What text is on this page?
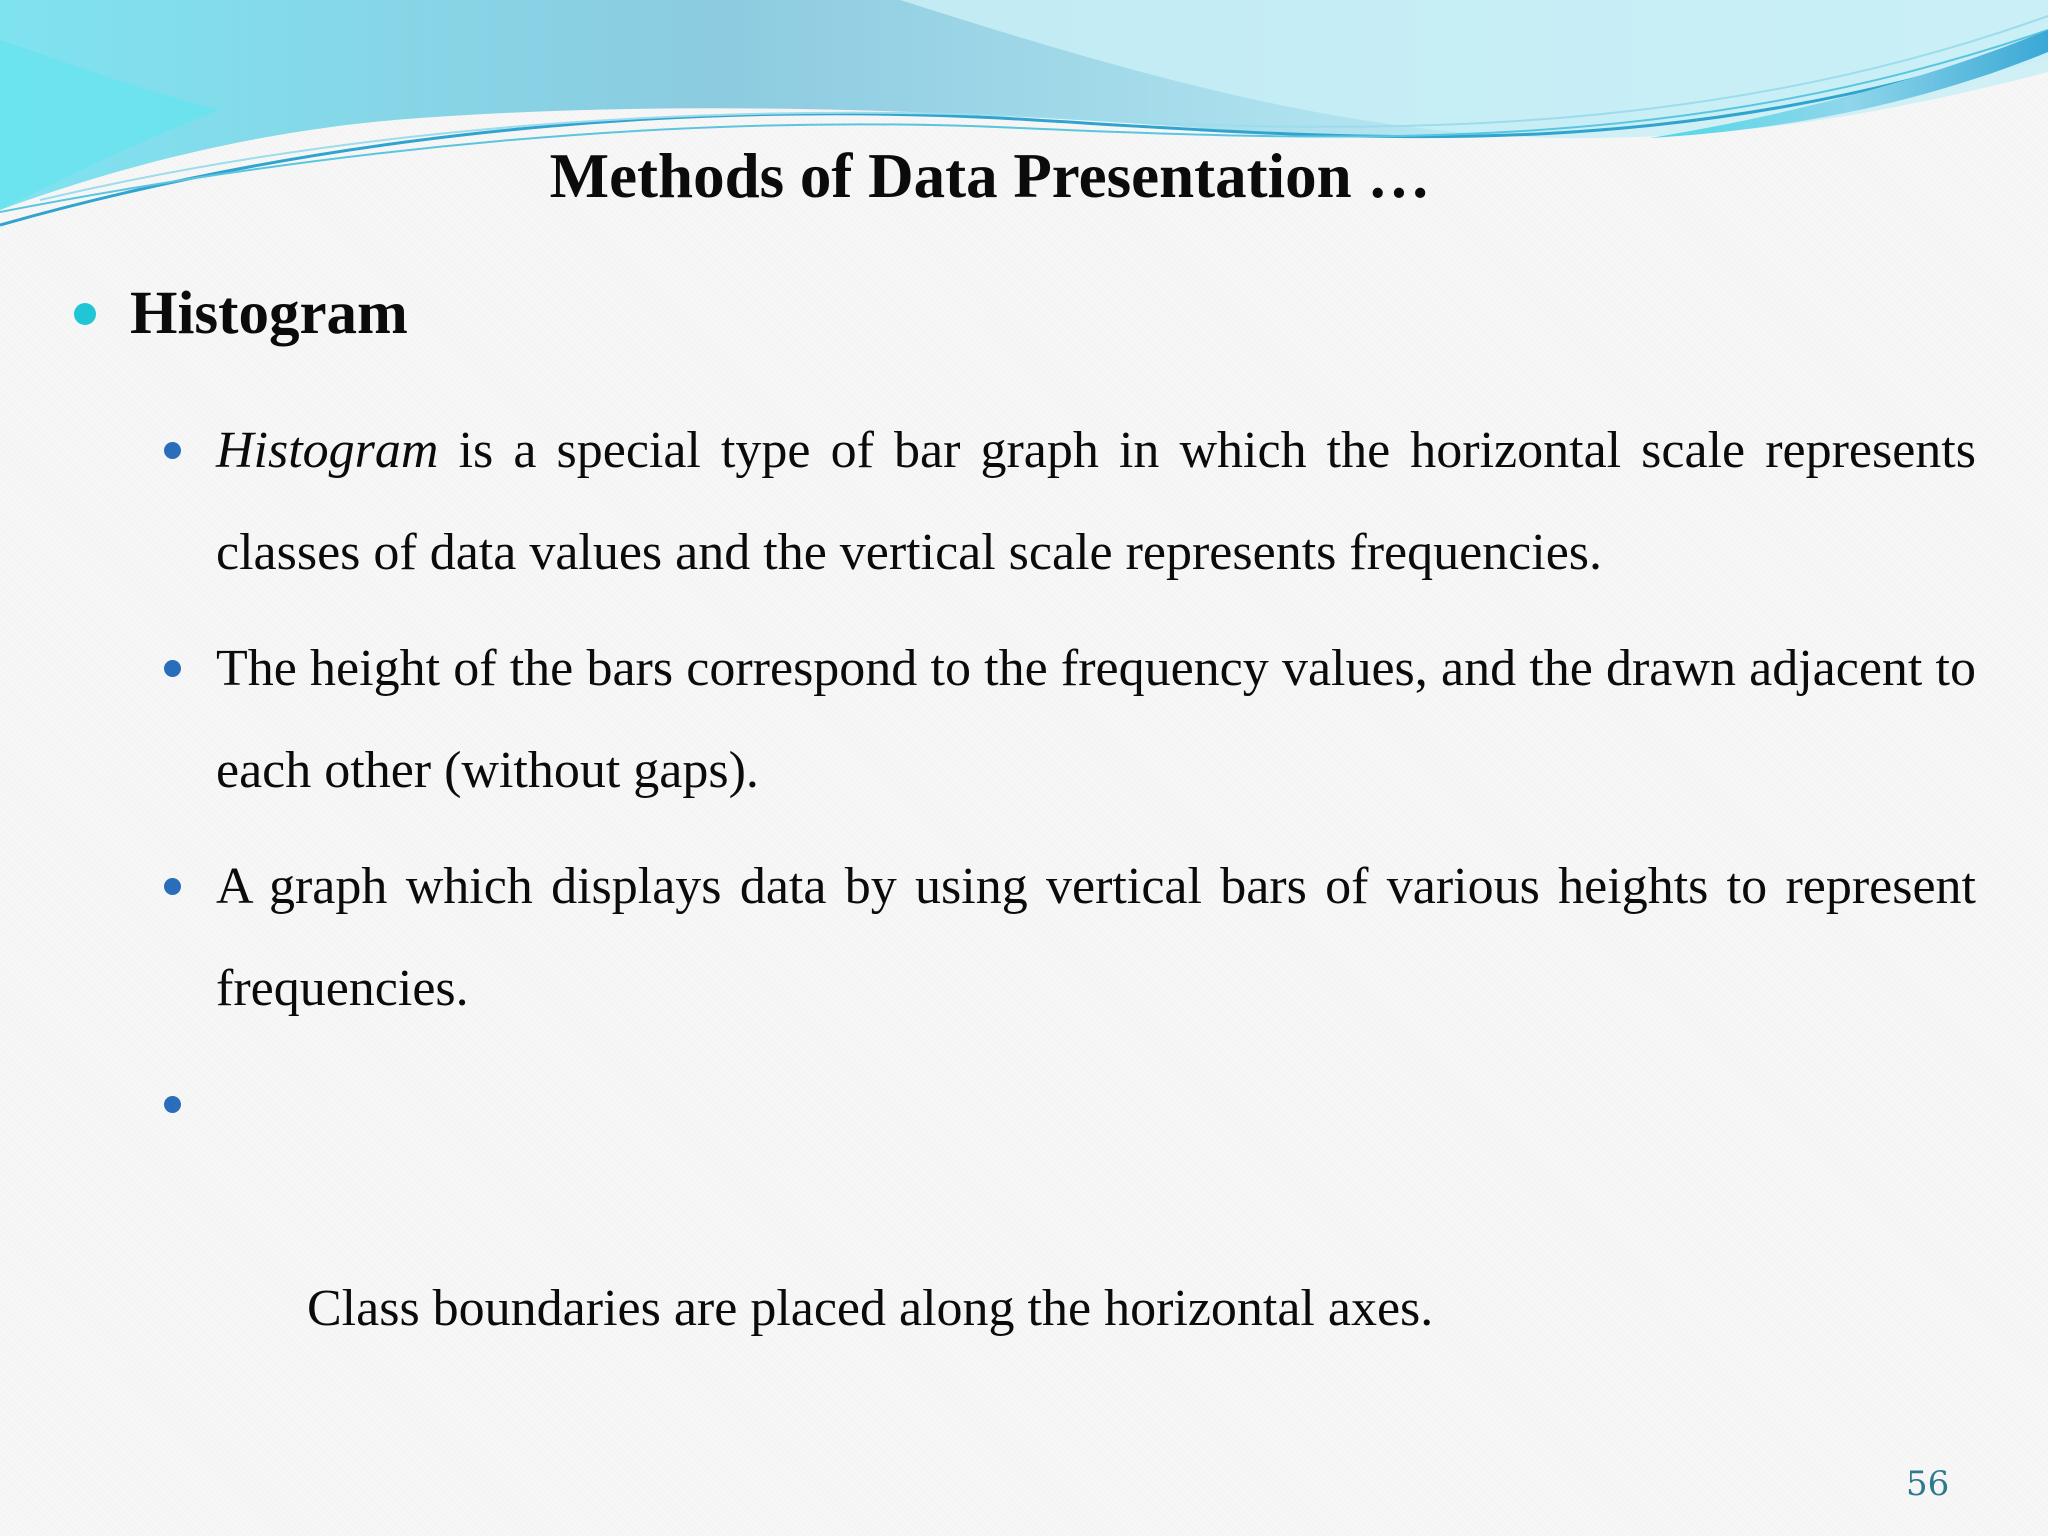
Methods of Data Presentation …
Histogram
Histogram is a special type of bar graph in which the horizontal scale represents classes of data values and the vertical scale represents frequencies.
The height of the bars correspond to the frequency values, and the drawn adjacent to each other (without gaps).
A graph which displays data by using vertical bars of various heights to represent frequencies.

Class boundaries are placed along the horizontal axes.

56
